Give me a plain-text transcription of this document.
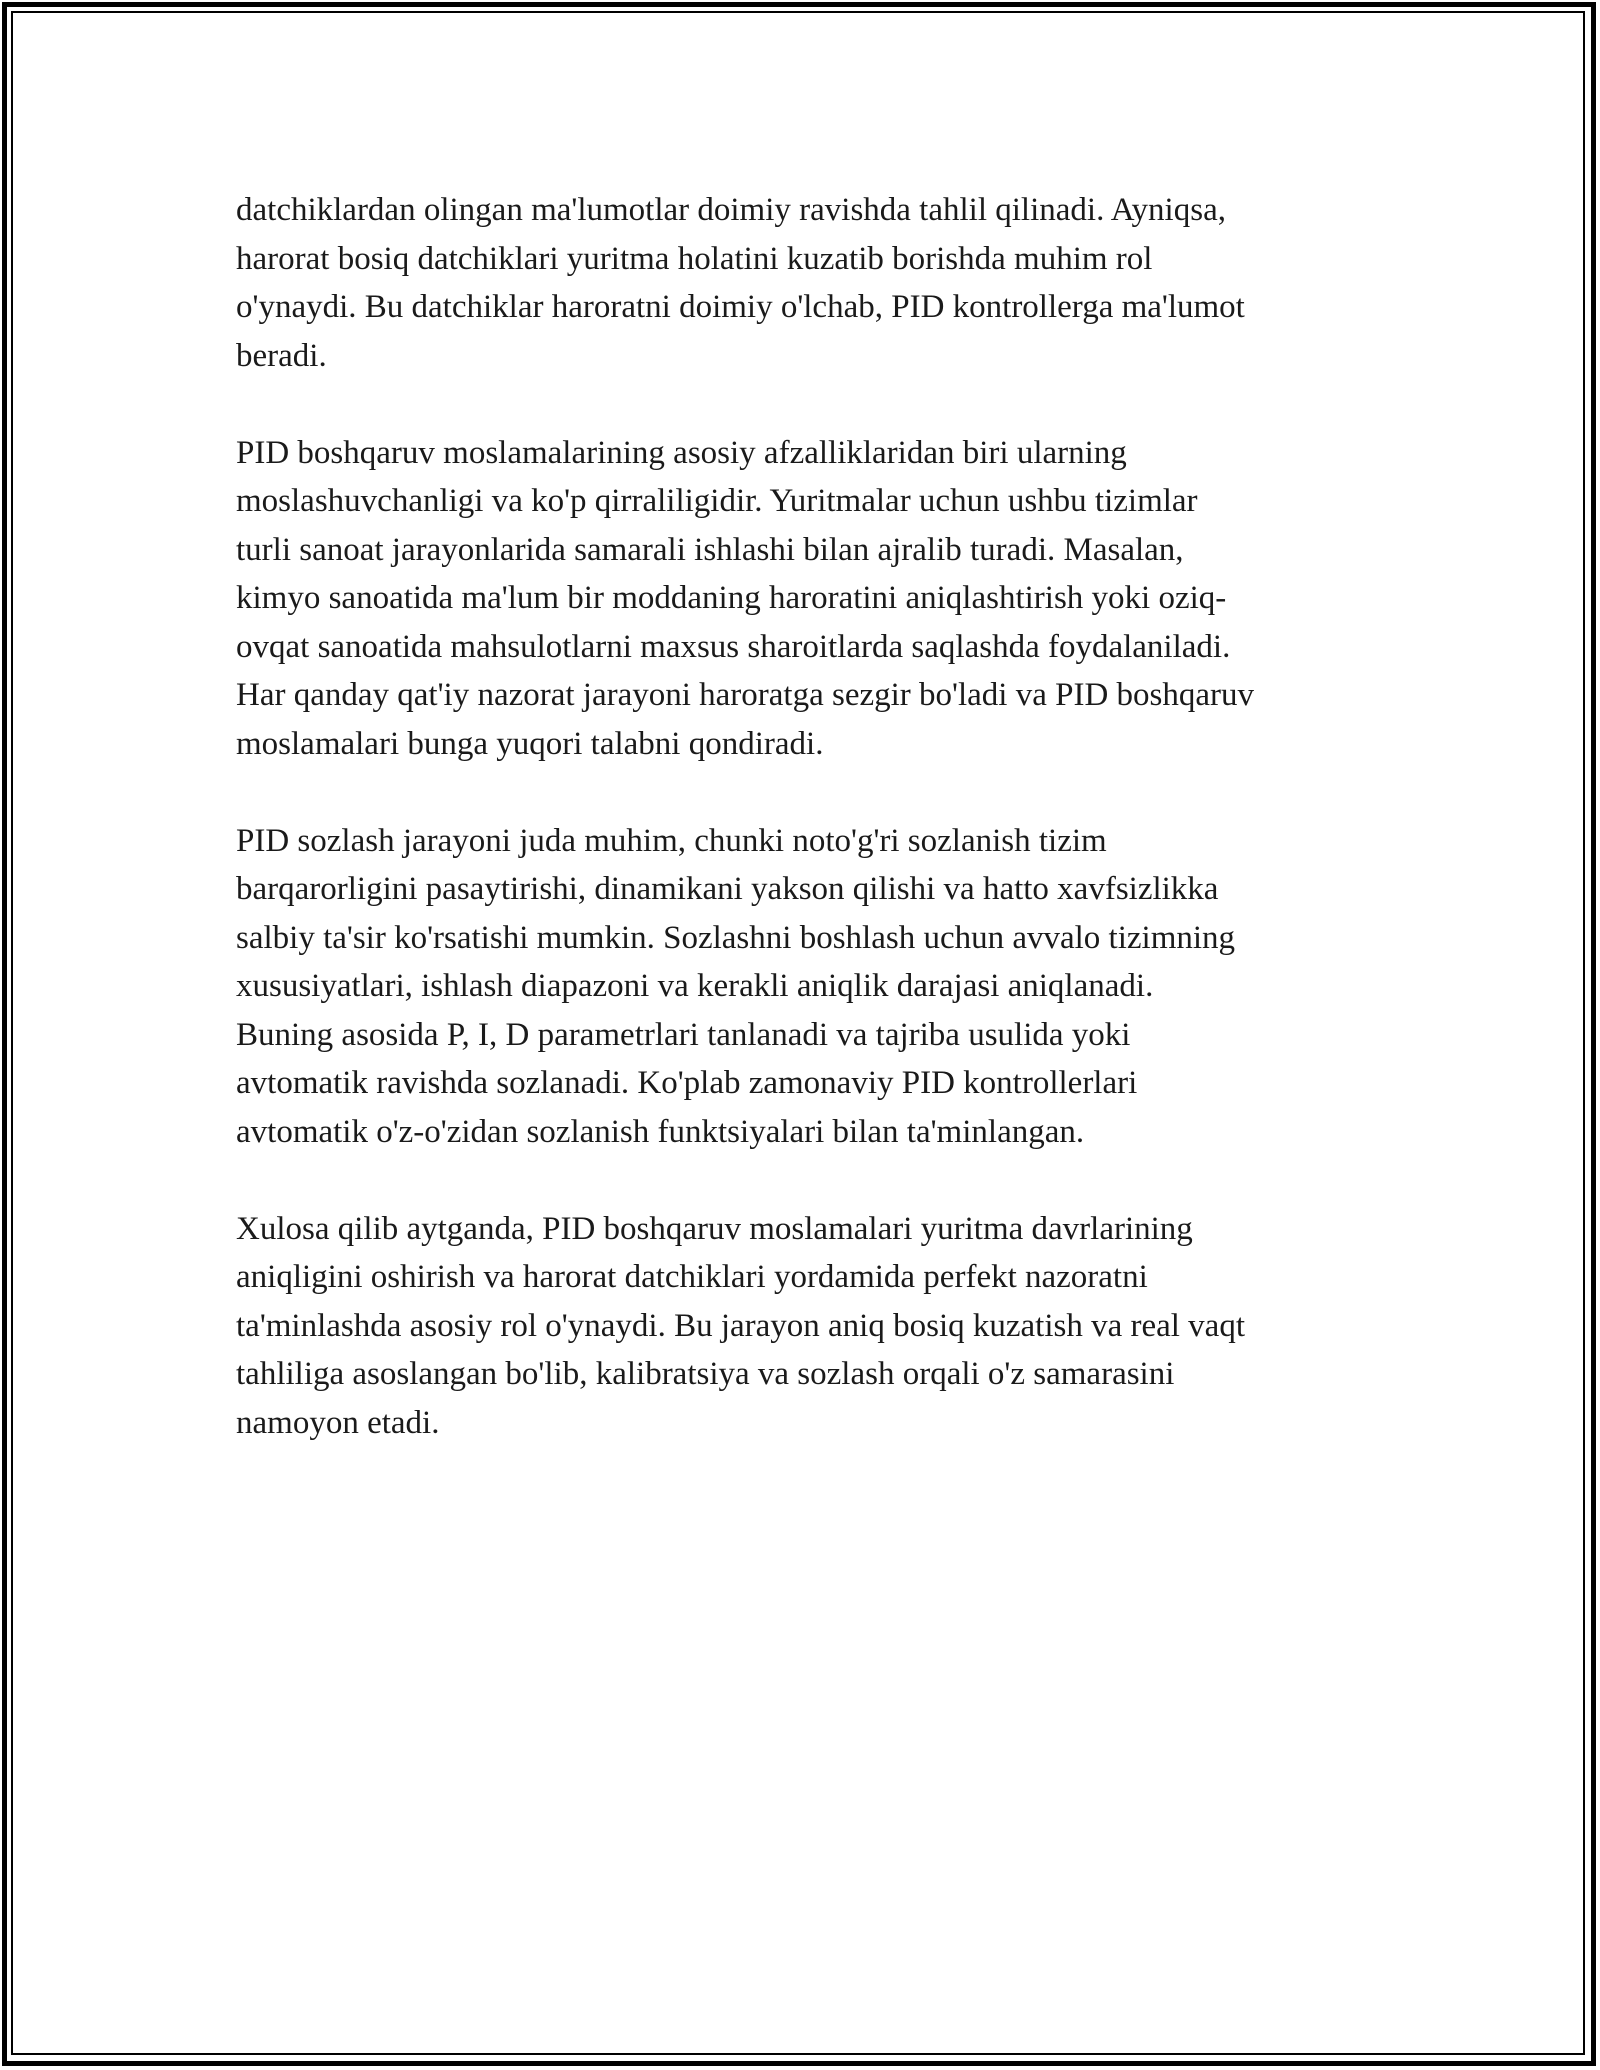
datchiklardan olingan ma'lumotlar doimiy ravishda tahlil qilinadi. Ayniqsa,
harorat bosiq datchiklari yuritma holatini kuzatib borishda muhim rol
o'ynaydi. Bu datchiklar haroratni doimiy o'lchab, PID kontrollerga ma'lumot
beradi.

PID boshqaruv moslamalarining asosiy afzalliklaridan biri ularning
moslashuvchanligi va ko'p qirraliligidir. Yuritmalar uchun ushbu tizimlar
turli sanoat jarayonlarida samarali ishlashi bilan ajralib turadi. Masalan,
kimyo sanoatida ma'lum bir moddaning haroratini aniqlashtirish yoki oziq-
ovqat sanoatida mahsulotlarni maxsus sharoitlarda saqlashda foydalaniladi.
Har qanday qat'iy nazorat jarayoni haroratga sezgir bo'ladi va PID boshqaruv
moslamalari bunga yuqori talabni qondiradi.

PID sozlash jarayoni juda muhim, chunki noto'g'ri sozlanish tizim
barqarorligini pasaytirishi, dinamikani yakson qilishi va hatto xavfsizlikka
salbiy ta'sir ko'rsatishi mumkin. Sozlashni boshlash uchun avvalo tizimning
xususiyatlari, ishlash diapazoni va kerakli aniqlik darajasi aniqlanadi.
Buning asosida P, I, D parametrlari tanlanadi va tajriba usulida yoki
avtomatik ravishda sozlanadi. Ko'plab zamonaviy PID kontrollerlari
avtomatik o'z-o'zidan sozlanish funktsiyalari bilan ta'minlangan.

Xulosa qilib aytganda, PID boshqaruv moslamalari yuritma davrlarining
aniqligini oshirish va harorat datchiklari yordamida perfekt nazoratni
ta'minlashda asosiy rol o'ynaydi. Bu jarayon aniq bosiq kuzatish va real vaqt
tahliliga asoslangan bo'lib, kalibratsiya va sozlash orqali o'z samarasini
namoyon etadi.
